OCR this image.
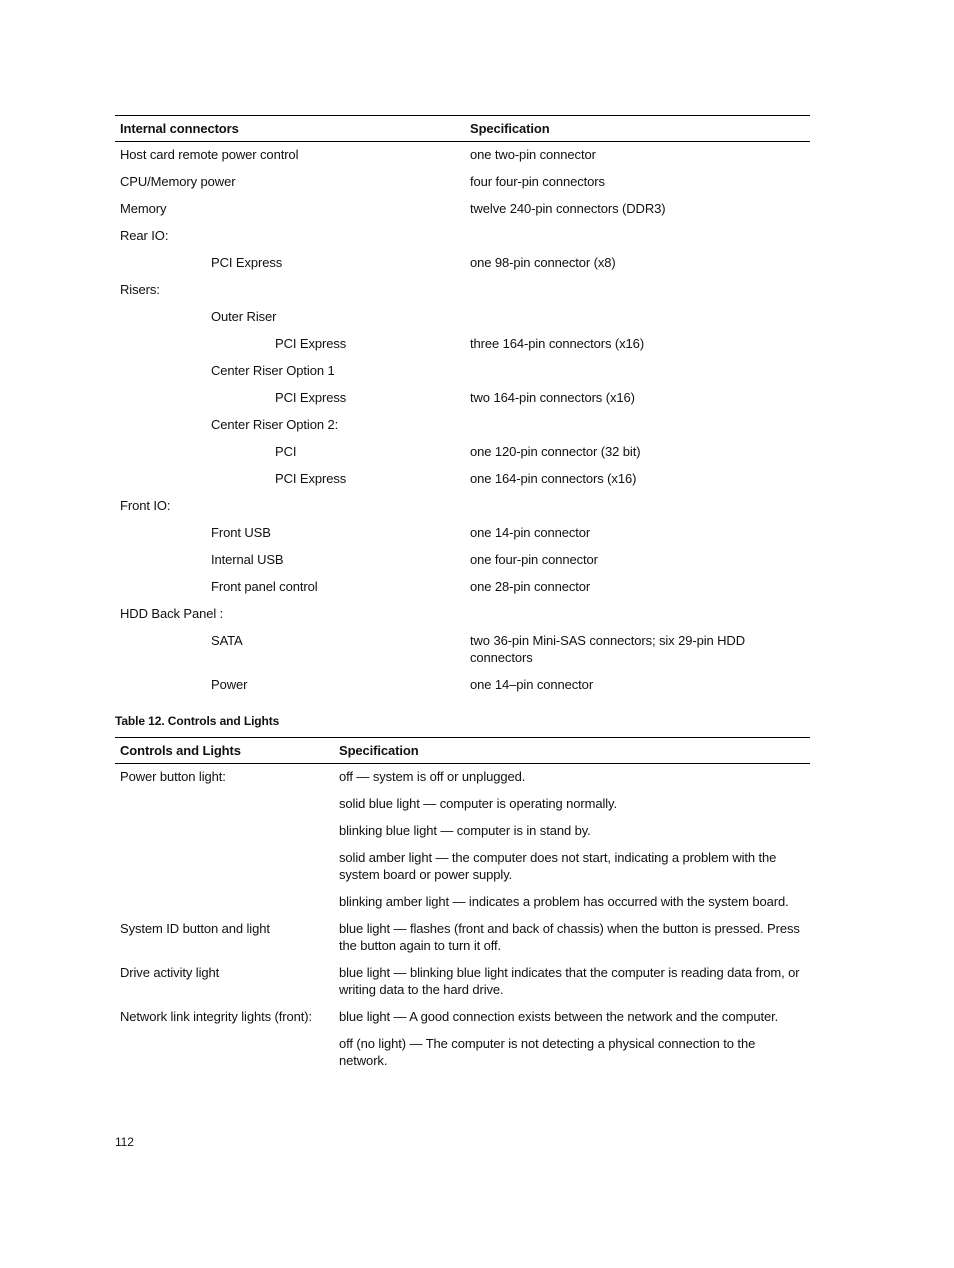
Internal connectors	Specification
Host card remote power control	one two-pin connector
CPU/Memory power	four four-pin connectors
Memory	twelve 240-pin connectors (DDR3)
Rear IO:
PCI Express	one 98-pin connector (x8)
Risers:
Outer Riser
PCI Express	three 164-pin connectors (x16)
Center Riser Option 1
PCI Express	two 164-pin connectors (x16)
Center Riser Option 2:
PCI	one 120-pin connector (32 bit)
PCI Express	one 164-pin connectors (x16)
Front IO:
Front USB	one 14-pin connector
Internal USB	one four-pin connector
Front panel control	one 28-pin connector
HDD Back Panel :
SATA	two 36-pin Mini-SAS connectors; six 29-pin HDD connectors
Power	one 14–pin connector
Table 12. Controls and Lights
Controls and Lights	Specification
Power button light:	off — system is off or unplugged.
solid blue light — computer is operating normally.
blinking blue light — computer is in stand by.
solid amber light — the computer does not start, indicating a problem with the system board or power supply.
blinking amber light — indicates a problem has occurred with the system board.
System ID button and light	blue light — flashes (front and back of chassis) when the button is pressed. Press the button again to turn it off.
Drive activity light	blue light — blinking blue light indicates that the computer is reading data from, or writing data to the hard drive.
Network link integrity lights (front):	blue light — A good connection exists between the network and the computer.
off (no light) — The computer is not detecting a physical connection to the network.
112
